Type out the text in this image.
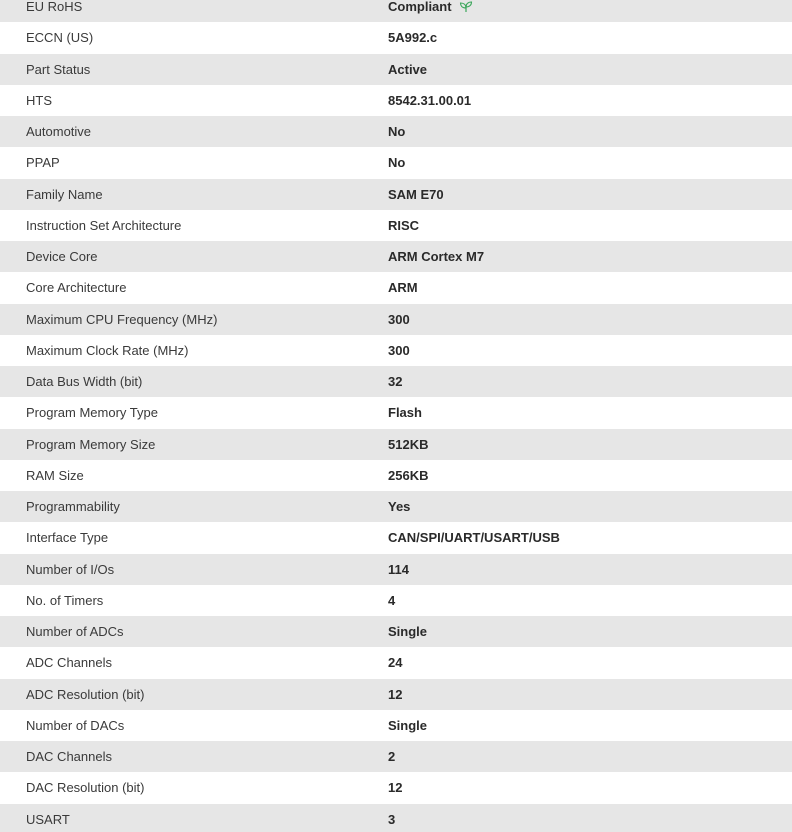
EU RoHS	Compliant
ECCN (US)	5A992.c
Part Status	Active
HTS	8542.31.00.01
Automotive	No
PPAP	No
Family Name	SAM E70
Instruction Set Architecture	RISC
Device Core	ARM Cortex M7
Core Architecture	ARM
Maximum CPU Frequency (MHz)	300
Maximum Clock Rate (MHz)	300
Data Bus Width (bit)	32
Program Memory Type	Flash
Program Memory Size	512KB
RAM Size	256KB
Programmability	Yes
Interface Type	CAN/SPI/UART/USART/USB
Number of I/Os	114
No. of Timers	4
Number of ADCs	Single
ADC Channels	24
ADC Resolution (bit)	12
Number of DACs	Single
DAC Channels	2
DAC Resolution (bit)	12
USART	3
